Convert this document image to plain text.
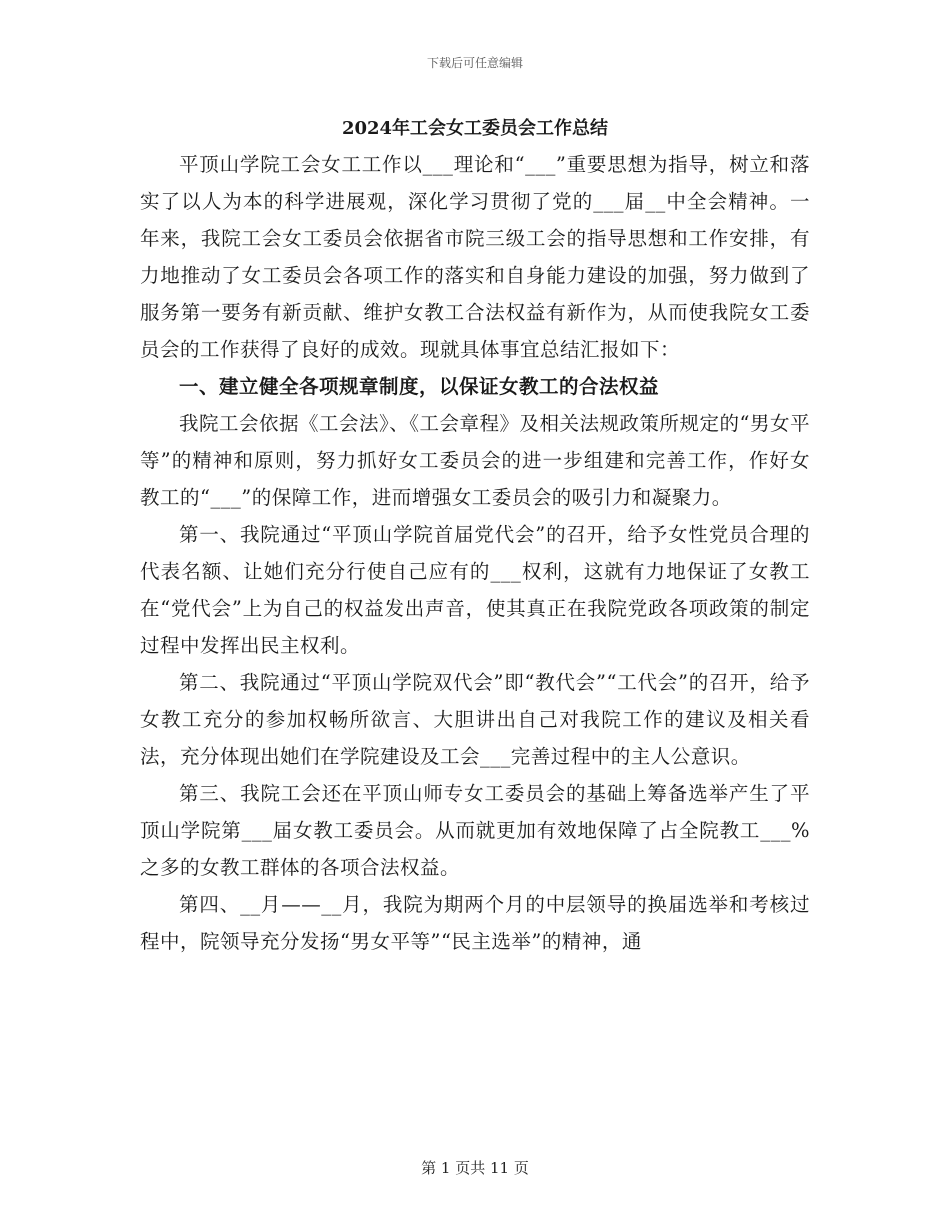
下载后可任意编辑
2024年工会女工委员会工作总结

平顶山学院工会女工工作以___理论和“___”重要思想为指导，树立和落实了以人为本的科学进展观，深化学习贯彻了党的___届__中全会精神。一年来，我院工会女工委员会依据省市院三级工会的指导思想和工作安排，有力地推动了女工委员会各项工作的落实和自身能力建设的加强，努力做到了服务第一要务有新贡献、维护女教工合法权益有新作为，从而使我院女工委员会的工作获得了良好的成效。现就具体事宜总结汇报如下：

一、建立健全各项规章制度，以保证女教工的合法权益

我院工会依据《工会法》、《工会章程》及相关法规政策所规定的“男女平等”的精神和原则，努力抓好女工委员会的进一步组建和完善工作，作好女教工的“___”的保障工作，进而增强女工委员会的吸引力和凝聚力。

第一、我院通过“平顶山学院首届党代会”的召开，给予女性党员合理的代表名额、让她们充分行使自己应有的___权利，这就有力地保证了女教工在“党代会”上为自己的权益发出声音，使其真正在我院党政各项政策的制定过程中发挥出民主权利。

第二、我院通过“平顶山学院双代会”即“教代会”“工代会”的召开，给予女教工充分的参加权畅所欲言、大胆讲出自己对我院工作的建议及相关看法，充分体现出她们在学院建设及工会___完善过程中的主人公意识。

第三、我院工会还在平顶山师专女工委员会的基础上筹备选举产生了平顶山学院第___届女教工委员会。从而就更加有效地保障了占全院教工___%之多的女教工群体的各项合法权益。

第四、__月——__月，我院为期两个月的中层领导的换届选举和考核过程中，院领导充分发扬“男女平等”“民主选举”的精神，通

第 1 页共 11 页
